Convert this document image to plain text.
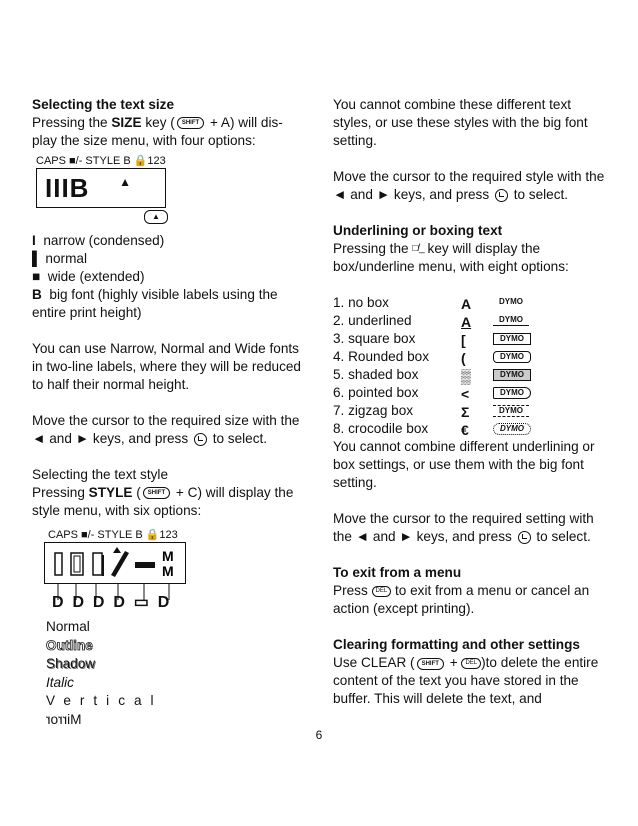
Selecting the text size

Pressing the SIZE key ( SHIFT + A) will dis-play the size menu, with four options:

CAPS ■/- STYLE B 🔒123
IIIB ▲
▲

I narrow (condensed)

▌ normal

■ wide (extended)

B big font (highly visible labels using the entire print height)

You can use Narrow, Normal and Wide fonts in two-line labels, where they will be reduced to half their normal height.

Move the cursor to the required size with the ◄ and ► keys, and press to select.

Selecting the text style

Pressing STYLE ( SHIFT + C) will display the style menu, with six options:

CAPS ■/- STYLE B 🔒123
M
M
D  D  D  D  ▭  D
Normal
Outline
Shadow
Italic
Vertical
Mirror

You cannot combine these different text styles, or use these styles with the big font setting.

Move the cursor to the required style with the ◄ and ► keys, and press to select.

Underlining or boxing text

Pressing the □/_ key will display the box/underline menu, with eight options:

1. no box	A	DYMO
2. underlined	A	DYMO
3. square box	[	DYMO
4. Rounded box (	DYMO
5. shaded box	▒	DYMO
6. pointed box	<	DYMO
7. zigzag box	Σ	DYMO
8. crocodile box €	DYMO

You cannot combine different underlining or box settings, or use them with the big font setting.

Move the cursor to the required setting with the ◄ and ► keys, and press to select.

To exit from a menu

Press DEL to exit from a menu or cancel an action (except printing).

Clearing formatting and other settings

Use CLEAR ( SHIFT + DEL )to delete the entire content of the text you have stored in the buffer. This will delete the text, and

6
